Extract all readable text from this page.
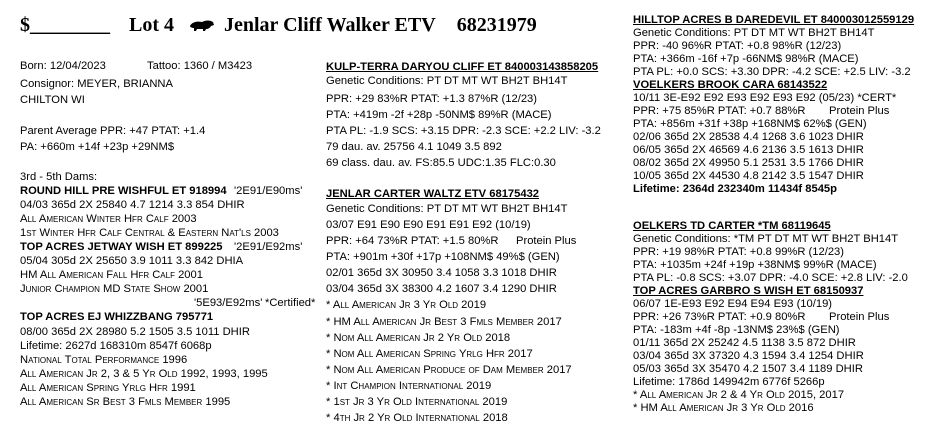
$________ Lot 4	Jenlar Cliff Walker ETV 68231979
Born: 12/04/2023	Tattoo: 1360 / M3423
Consignor: MEYER, BRIANNA
CHILTON WI
Parent Average PPR: +47 PTAT: +1.4
PA: +660m +14f +23p +29NM$
3rd - 5th Dams:
ROUND HILL PRE WISHFUL ET 918994 '2E91/E90ms'
04/03 365d 2X 25840 4.7 1214 3.3 854 DHIR
All American Winter Hfr Calf 2003
1st Winter Hfr Calf Central & Eastern Nat'ls 2003
TOP ACRES JETWAY WISH ET 899225 '2E91/E92ms'
05/04 305d 2X 25650 3.9 1011 3.3 842 DHIA
HM All American Fall Hfr Calf 2001
Junior Champion MD State Show 2001
'5E93/E92ms' *Certified*
TOP ACRES EJ WHIZZBANG 795771
08/00 365d 2X 28980 5.2 1505 3.5 1011 DHIR
Lifetime: 2627d 168310m 8547f 6068p
National Total Performance 1996
All American Jr 2, 3 & 5 Yr Old 1992, 1993, 1995
All American Spring Yrlg Hfr 1991
All American Sr Best 3 Fmls Member 1995
KULP-TERRA DARYOU CLIFF ET 840003143858205
Genetic Conditions: PT DT MT WT BH2T BH14T
PPR: +29 83%R PTAT: +1.3 87%R (12/23)
PTA: +419m -2f +28p -50NM$ 89%R (MACE)
PTA PL: -1.9 SCS: +3.15 DPR: -2.3 SCE: +2.2 LIV: -3.2
79 dau. av. 25756 4.1 1049 3.5 892
69 class. dau. av. FS:85.5 UDC:1.35 FLC:0.30
JENLAR CARTER WALTZ ETV 68175432
Genetic Conditions: PT DT MT WT BH2T BH14T
03/07 E91 E90 E90 E91 E91 E92 (10/19)
PPR: +64 73%R PTAT: +1.5 80%R Protein Plus
PTA: +901m +30f +17p +108NM$ 49%$ (GEN)
02/01 365d 3X 30950 3.4 1058 3.3 1018 DHIR
03/04 365d 3X 38300 4.2 1607 3.4 1290 DHIR
* All American Jr 3 Yr Old 2019
* HM All American Jr Best 3 Fmls Member 2017
* Nom All American Jr 2 Yr Old 2018
* Nom All American Spring Yrlg Hfr 2017
* Nom All American Produce of Dam Member 2017
* Int Champion International 2019
* 1st Jr 3 Yr Old International 2019
* 4th Jr 2 Yr Old International 2018
HILLTOP ACRES B DAREDEVIL ET 840003012559129
Genetic Conditions: PT DT MT WT BH2T BH14T
PPR: -40 96%R PTAT: +0.8 98%R (12/23)
PTA: +366m -16f +7p -66NM$ 98%R (MACE)
PTA PL: +0.0 SCS: +3.30 DPR: -4.2 SCE: +2.5 LIV: -3.2
VOELKERS BROOK CARA 68143522
10/11 3E-E92 E92 E93 E92 E93 E92 (05/23) *CERT*
PPR: +75 85%R PTAT: +0.7 88%R Protein Plus
PTA: +856m +31f +38p +168NM$ 62%$ (GEN)
02/06 365d 2X 28538 4.4 1268 3.6 1023 DHIR
06/05 365d 2X 46569 4.6 2136 3.5 1613 DHIR
08/02 365d 2X 49950 5.1 2531 3.5 1766 DHIR
10/05 365d 2X 44530 4.8 2142 3.5 1547 DHIR
Lifetime: 2364d 232340m 11434f 8545p
OELKERS TD CARTER *TM 68119645
Genetic Conditions: *TM PT DT MT WT BH2T BH14T
PPR: +19 98%R PTAT: +0.8 99%R (12/23)
PTA: +1035m +24f +19p +38NM$ 99%R (MACE)
PTA PL: -0.8 SCS: +3.07 DPR: -4.0 SCE: +2.8 LIV: -2.0
TOP ACRES GARBRO S WISH ET 68150937
06/07 1E-E93 E92 E94 E94 E93 (10/19)
PPR: +26 73%R PTAT: +0.9 80%R Protein Plus
PTA: -183m +4f -8p -13NM$ 23%$ (GEN)
01/11 365d 2X 25242 4.5 1138 3.5 872 DHIR
03/04 365d 3X 37320 4.3 1594 3.4 1254 DHIR
05/03 365d 3X 35470 4.2 1507 3.4 1189 DHIR
Lifetime: 1786d 149942m 6776f 5266p
* All American Jr 2 & 4 Yr Old 2015, 2017
* HM All American Jr 3 Yr Old 2016
